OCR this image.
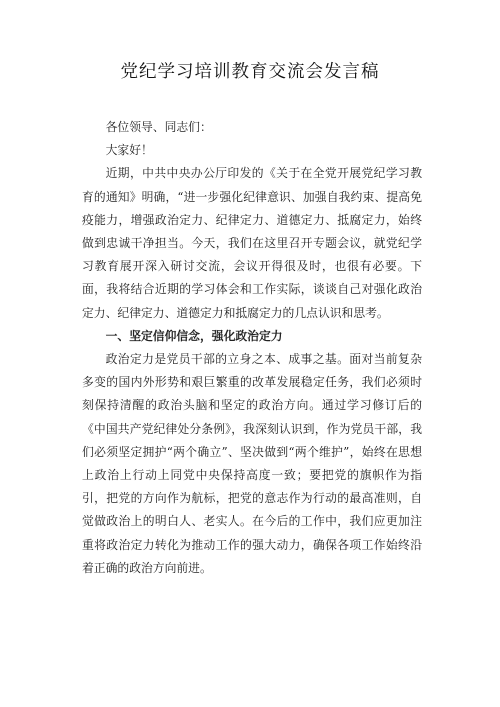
党纪学习培训教育交流会发言稿

各位领导、同志们：

大家好！

近期，中共中央办公厅印发的《关于在全党开展党纪学习教育的通知》明确，“进一步强化纪律意识、加强自我约束、提高免疫能力，增强政治定力、纪律定力、道德定力、抵腐定力，始终做到忠诚干净担当。今天，我们在这里召开专题会议，就党纪学习教育展开深入研讨交流，会议开得很及时，也很有必要。下面，我将结合近期的学习体会和工作实际，谈谈自己对强化政治定力、纪律定力、道德定力和抵腐定力的几点认识和思考。

一、坚定信仰信念，强化政治定力

政治定力是党员干部的立身之本、成事之基。面对当前复杂多变的国内外形势和艰巨繁重的改革发展稳定任务，我们必须时刻保持清醒的政治头脑和坚定的政治方向。通过学习修订后的《中国共产党纪律处分条例》，我深刻认识到，作为党员干部，我们必须坚定拥护“两个确立”、坚决做到“两个维护”，始终在思想上政治上行动上同党中央保持高度一致；要把党的旗帜作为指引，把党的方向作为航标，把党的意志作为行动的最高准则，自觉做政治上的明白人、老实人。在今后的工作中，我们应更加注重将政治定力转化为推动工作的强大动力，确保各项工作始终沿着正确的政治方向前进。
